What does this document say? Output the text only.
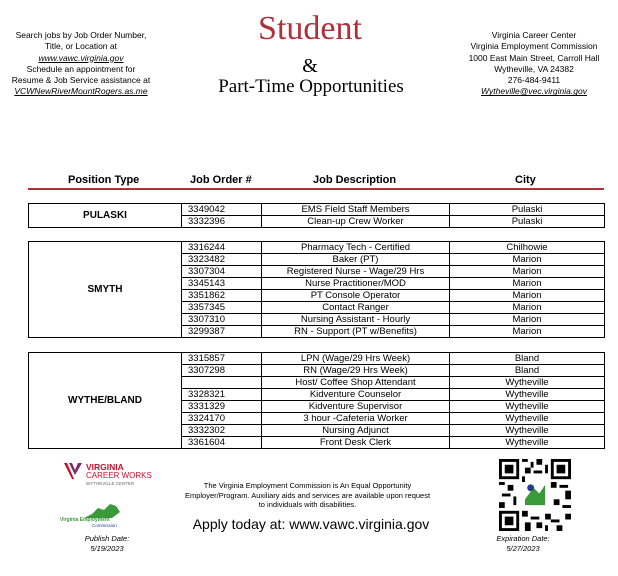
Search jobs by Job Order Number,
Title, or Location at
www.vawc.virginia.gov
Schedule an appointment for
Resume & Job Service assistance at
VCWNewRiverMountRogers.as.me
Student
&
Part-Time Opportunities
Virginia Career Center
Virginia Employment Commission
1000 East Main Street, Carroll Hall
Wytheville, VA 24382
276-484-9411
Wytheville@vec.virginia.gov
Position Type	Job Order #	Job Description	City
PULASKI	3349042	EMS Field Staff Members	Pulaski
	3332396	Clean-up Crew Worker	Pulaski
SMYTH	3316244	Pharmacy Tech - Certified	Chilhowie
	3323482	Baker (PT)	Marion
	3307304	Registered Nurse - Wage/29 Hrs	Marion
	3345143	Nurse Practitioner/MOD	Marion
	3351862	PT Console Operator	Marion
	3357345	Contact Ranger	Marion
	3307310	Nursing Assistant - Hourly	Marion
	3299387	RN - Support (PT w/Benefits)	Marion
WYTHE/BLAND	3315857	LPN (Wage/29 Hrs Week)	Bland
	3307298	RN (Wage/29 Hrs Week)	Bland
		Host/ Coffee Shop Attendant	Wytheville
	3328321	Kidventure Counselor	Wytheville
	3331329	Kidventure Supervisor	Wytheville
	3324170	3 hour -Cafeteria Worker	Wytheville
	3332302	Nursing Adjunct	Wytheville
	3361604	Front Desk Clerk	Wytheville
VIRGINIA
CAREER WORKS
WYTHEVILLE CENTER
Virginia Employment
Commission
Publish Date:
5/19/2023
The Virginia Employment Commission is An Equal Opportunity
Employer/Program. Auxiliary aids and services are available upon request
to individuals with disabilities.
Apply today at: www.vawc.virginia.gov
Expiration Date:
5/27/2023
